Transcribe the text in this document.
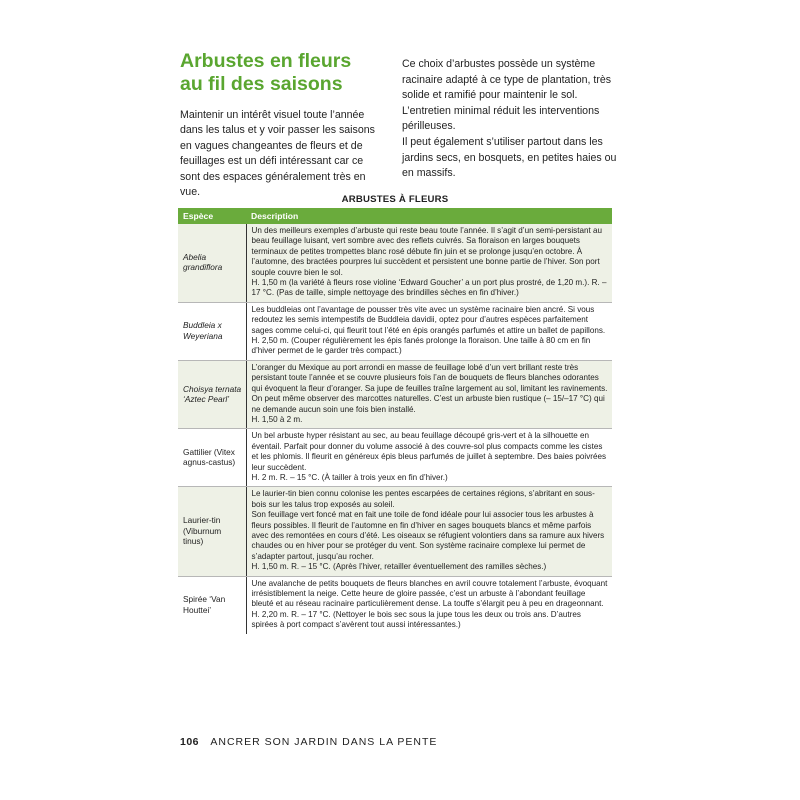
Arbustes en fleurs
au fil des saisons

Maintenir un intérêt visuel toute l’année dans les talus et y voir passer les saisons en vagues changeantes de fleurs et de feuillages est un défi intéressant car ce sont des espaces généralement très en vue.

Ce choix d’arbustes possède un système racinaire adapté à ce type de plantation, très solide et ramifié pour maintenir le sol.

L’entretien minimal réduit les interventions périlleuses.

Il peut également s’utiliser partout dans les jardins secs, en bosquets, en petites haies ou en massifs.

ARBUSTES À FLEURS
Espèce	Description
Abelia grandiflora	Un des meilleurs exemples d’arbuste qui reste beau toute l’année. Il s’agit d’un semi-persistant au beau feuillage luisant, vert sombre avec des reflets cuivrés. Sa floraison en larges bouquets terminaux de petites trompettes blanc rosé débute fin juin et se prolonge jusqu’en octobre. À l’automne, des bractées pourpres lui succèdent et persistent une bonne partie de l’hiver. Son port souple couvre bien le sol.
H. 1,50 m (la variété à fleurs rose violine ‘Edward Goucher’ a un port plus prostré, de 1,20 m.). R. – 17 °C. (Pas de taille, simple nettoyage des brindilles sèches en fin d’hiver.)

Buddleia x Weyeriana	Les buddleias ont l’avantage de pousser très vite avec un système racinaire bien ancré. Si vous redoutez les semis intempestifs de Buddleia davidii, optez pour d’autres espèces parfaitement sages comme celui-ci, qui fleurit tout l’été en épis orangés parfumés et attire un ballet de papillons.
H. 2,50 m. (Couper régulièrement les épis fanés prolonge la floraison. Une taille à 80 cm en fin d’hiver permet de le garder très compact.)

Choisya ternata ‘Aztec Pearl’	L’oranger du Mexique au port arrondi en masse de feuillage lobé d’un vert brillant reste très persistant toute l’année et se couvre plusieurs fois l’an de bouquets de fleurs blanches odorantes qui évoquent la fleur d’oranger. Sa jupe de feuilles traîne largement au sol, limitant les ravinements. On peut même observer des marcottes naturelles. C’est un arbuste bien rustique (– 15/–17 °C) qui ne demande aucun soin une fois bien installé.
H. 1,50 à 2 m.

Gattilier (Vitex agnus-castus)	Un bel arbuste hyper résistant au sec, au beau feuillage découpé gris-vert et à la silhouette en éventail. Parfait pour donner du volume associé à des couvre-sol plus compacts comme les cistes et les phlomis. Il fleurit en généreux épis bleus parfumés de juillet à septembre. Des baies poivrées leur succèdent.
H. 2 m. R. – 15 °C. (À tailler à trois yeux en fin d’hiver.)

Laurier-tin (Viburnum tinus)	Le laurier-tin bien connu colonise les pentes escarpées de certaines régions, s’abritant en sous-bois sur les talus trop exposés au soleil.
Son feuillage vert foncé mat en fait une toile de fond idéale pour lui associer tous les arbustes à fleurs possibles. Il fleurit de l’automne en fin d’hiver en sages bouquets blancs et même parfois avec des remontées en cours d’été. Les oiseaux se réfugient volontiers dans sa ramure aux hivers chaudes ou en hiver pour se protéger du vent. Son système racinaire complexe lui permet de s’adapter partout, jusqu’au rocher.
H. 1,50 m. R. – 15 °C. (Après l’hiver, retailler éventuellement des ramilles sèches.)

Spirée ‘Van Houttei’	Une avalanche de petits bouquets de fleurs blanches en avril couvre totalement l’arbuste, évoquant irrésistiblement la neige. Cette heure de gloire passée, c’est un arbuste à l’abondant feuillage bleuté et au réseau racinaire particulièrement dense. La touffe s’élargit peu à peu en drageonnant.
H. 2,20 m. R. – 17 °C. (Nettoyer le bois sec sous la jupe tous les deux ou trois ans. D’autres spirées à port compact s’avèrent tout aussi intéressantes.)
106 ANCRER SON JARDIN DANS LA PENTE
